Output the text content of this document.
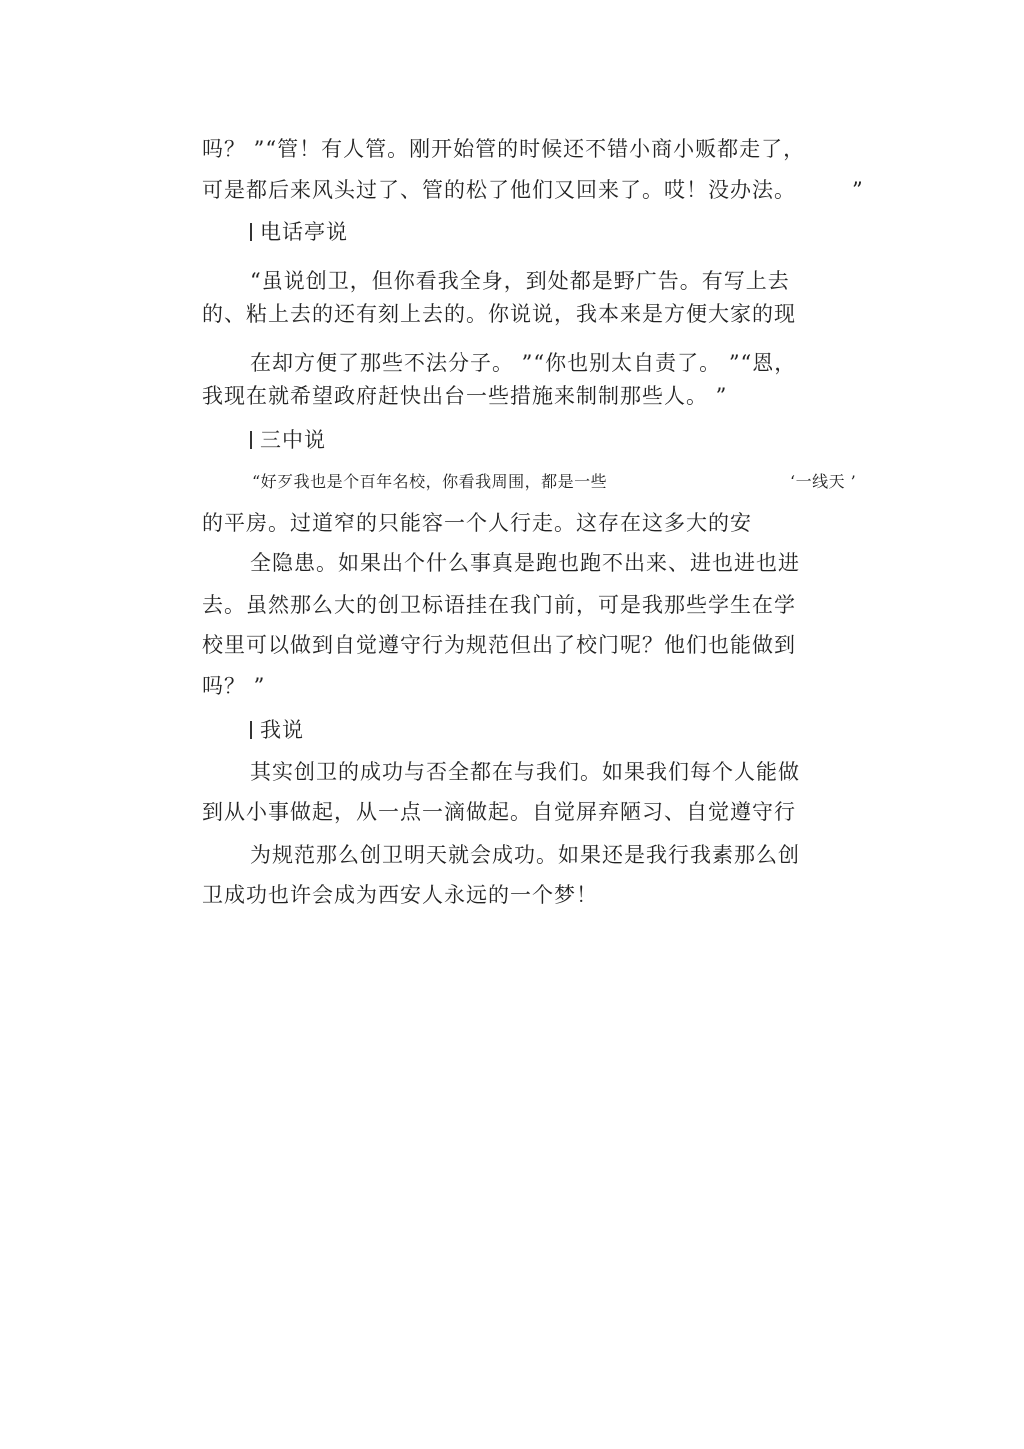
吗？ ”“管！有人管。刚开始管的时候还不错小商小贩都走了，
可是都后来风头过了、管的松了他们又回来了。哎！没办法。	”
电话亭说
“虽说创卫，但你看我全身，到处都是野广告。有写上去
的、粘上去的还有刻上去的。你说说，我本来是方便大家的现
在却方便了那些不法分子。 ”“你也别太自责了。 ”“恩，
我现在就希望政府赶快出台一些措施来制制那些人。 ”
三中说
“好歹我也是个百年名校，你看我周围，都是一些	‘一线天 ’
的平房。过道窄的只能容一个人行走。这存在这多大的安
全隐患。如果出个什么事真是跑也跑不出来、进也进也进
去。虽然那么大的创卫标语挂在我门前，可是我那些学生在学
校里可以做到自觉遵守行为规范但出了校门呢？他们也能做到
吗？ ”
我说
其实创卫的成功与否全都在与我们。如果我们每个人能做
到从小事做起，从一点一滴做起。自觉屏弃陋习、自觉遵守行
为规范那么创卫明天就会成功。如果还是我行我素那么创
卫成功也许会成为西安人永远的一个梦！
